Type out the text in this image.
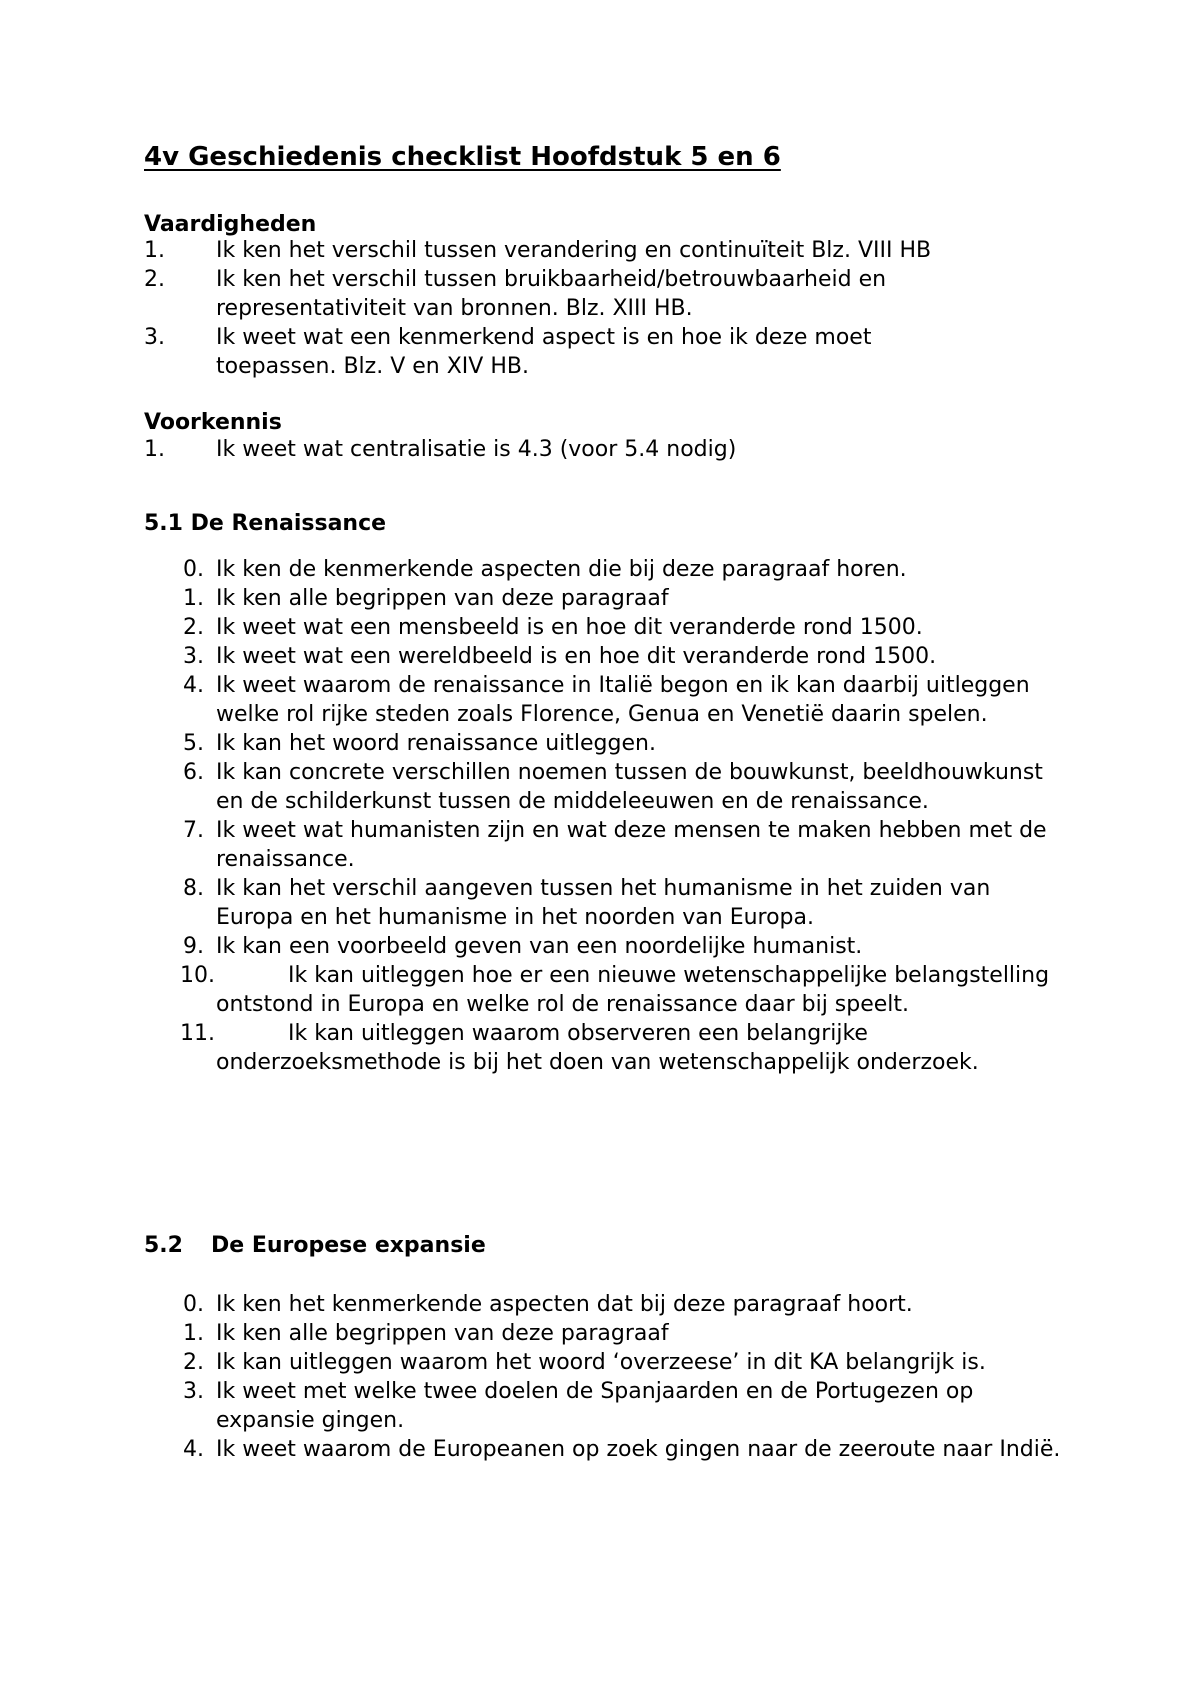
4v Geschiedenis checklist Hoofdstuk 5 en 6
Vaardigheden
1. Ik ken het verschil tussen verandering en continuïteit Blz. VIII HB
2. Ik ken het verschil tussen bruikbaarheid/betrouwbaarheid en representativiteit van bronnen. Blz. XIII HB.
3. Ik weet wat een kenmerkend aspect is en hoe ik deze moet toepassen. Blz. V en XIV HB.
Voorkennis
1. Ik weet wat centralisatie is 4.3 (voor 5.4 nodig)
5.1 De Renaissance
0. Ik ken de kenmerkende aspecten die bij deze paragraaf horen.
1. Ik ken alle begrippen van deze paragraaf
2. Ik weet wat een mensbeeld is en hoe dit veranderde rond 1500.
3. Ik weet wat een wereldbeeld is en hoe dit veranderde rond 1500.
4. Ik weet waarom de renaissance in Italië begon en ik kan daarbij uitleggen welke rol rijke steden zoals Florence, Genua en Venetië daarin spelen.
5. Ik kan het woord renaissance uitleggen.
6. Ik kan concrete verschillen noemen tussen de bouwkunst, beeldhouwkunst en de schilderkunst tussen de middeleeuwen en de renaissance.
7. Ik weet wat humanisten zijn en wat deze mensen te maken hebben met de renaissance.
8. Ik kan het verschil aangeven tussen het humanisme in het zuiden van Europa en het humanisme in het noorden van Europa.
9. Ik kan een voorbeeld geven van een noordelijke humanist.
10.	Ik kan uitleggen hoe er een nieuwe wetenschappelijke belangstelling ontstond in Europa en welke rol de renaissance daar bij speelt.
11.	Ik kan uitleggen waarom observeren een belangrijke onderzoeksmethode is bij het doen van wetenschappelijk onderzoek.
5.2 De Europese expansie
0. Ik ken het kenmerkende aspecten dat bij deze paragraaf hoort.
1. Ik ken alle begrippen van deze paragraaf
2. Ik kan uitleggen waarom het woord ‘overzeese’ in dit KA belangrijk is.
3. Ik weet met welke twee doelen de Spanjaarden en de Portugezen op expansie gingen.
4. Ik weet waarom de Europeanen op zoek gingen naar de zeeroute naar Indië.
